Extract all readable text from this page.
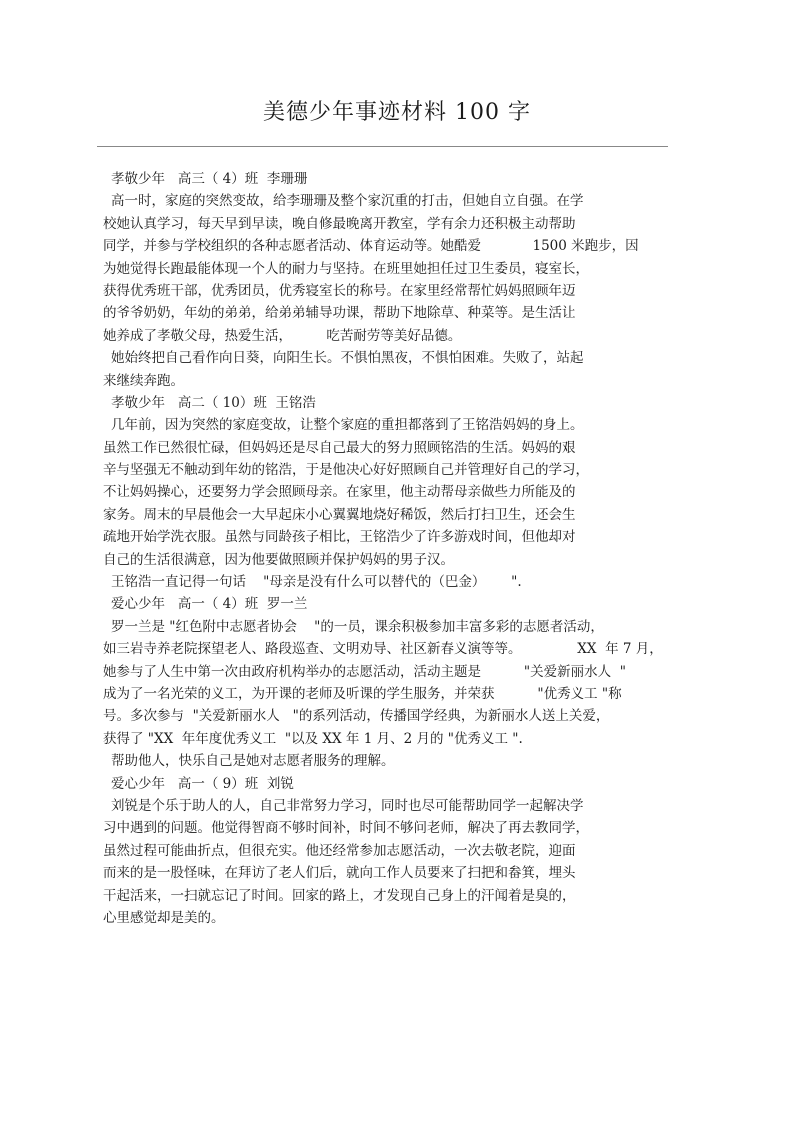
美德少年事迹材料 100 字
孝敬少年   高三（ 4）班  李珊珊
高一时，家庭的突然变故，给李珊珊及整个家沉重的打击，但她自立自强。在学
校她认真学习，每天早到早读，晚自修最晚离开教室，学有余力还积极主动帮助
同学，并参与学校组织的各种志愿者活动、体育运动等。她酷爱            1500 米跑步，因
为她觉得长跑最能体现一个人的耐力与坚持。在班里她担任过卫生委员，寝室长，
获得优秀班干部，优秀团员，优秀寝室长的称号。在家里经常帮忙妈妈照顾年迈
的爷爷奶奶，年幼的弟弟，给弟弟辅导功课，帮助下地除草、种菜等。是生活让
她养成了孝敬父母，热爱生活，        吃苦耐劳等美好品德。
她始终把自己看作向日葵，向阳生长。不惧怕黑夜，不惧怕困难。失败了，站起
来继续奔跑。
孝敬少年   高二（ 10）班  王铭浩
几年前，因为突然的家庭变故，让整个家庭的重担都落到了王铭浩妈妈的身上。
虽然工作已然很忙碌，但妈妈还是尽自己最大的努力照顾铭浩的生活。妈妈的艰
辛与坚强无不触动到年幼的铭浩，于是他决心好好照顾自己并管理好自己的学习，
不让妈妈操心，还要努力学会照顾母亲。在家里，他主动帮母亲做些力所能及的
家务。周末的早晨他会一大早起床小心翼翼地烧好稀饭，然后打扫卫生，还会生
疏地开始学洗衣服。虽然与同龄孩子相比，王铭浩少了许多游戏时间，但他却对
自己的生活很满意，因为他要做照顾并保护妈妈的男子汉。
王铭浩一直记得一句话    "母亲是没有什么可以替代的（巴金）      ".
爱心少年   高一（ 4）班  罗一兰
罗一兰是 "红色附中志愿者协会    "的一员，课余积极参加丰富多彩的志愿者活动，
如三岩寺养老院探望老人、路段巡查、文明劝导、社区新春义演等等。             XX  年 7 月，
她参与了人生中第一次由政府机构举办的志愿活动，活动主题是          "关爱新丽水人  "
成为了一名光荣的义工，为开课的老师及听课的学生服务，并荣获          "优秀义工 "称
号。多次参与  "关爱新丽水人   "的系列活动，传播国学经典，为新丽水人送上关爱，
获得了 "XX  年年度优秀义工  "以及 XX 年 1 月、2 月的 "优秀义工 ".
帮助他人，快乐自己是她对志愿者服务的理解。
爱心少年   高一（ 9）班  刘锐
刘锐是个乐于助人的人，自己非常努力学习，同时也尽可能帮助同学一起解决学
习中遇到的问题。他觉得智商不够时间补，时间不够问老师，解决了再去教同学，
虽然过程可能曲折点，但很充实。他还经常参加志愿活动，一次去敬老院，迎面
而来的是一股怪味，在拜访了老人们后，就向工作人员要来了扫把和畚箕，埋头
干起活来，一扫就忘记了时间。回家的路上，才发现自己身上的汗闻着是臭的，
心里感觉却是美的。
